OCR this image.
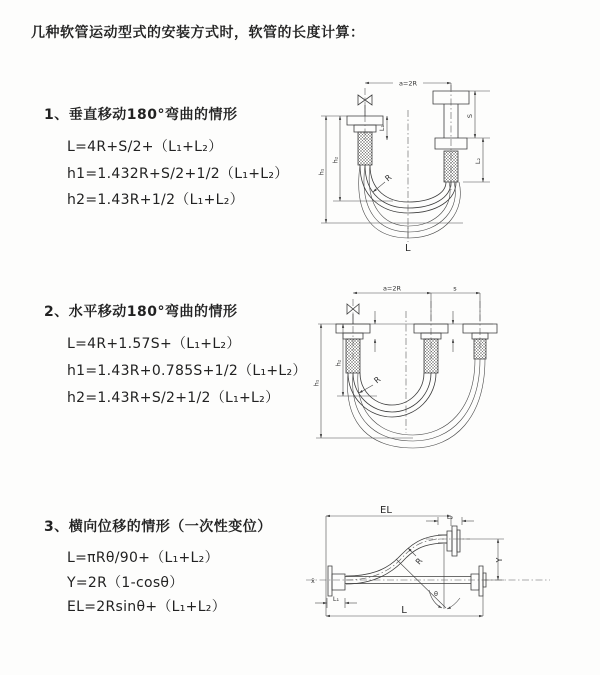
几种软管运动型式的安装方式时，软管的长度计算：

1、垂直移动180°弯曲的情形

L=4R+S/2+（L₁+L₂）

h1=1.432R+S/2+1/2（L₁+L₂）

h2=1.43R+1/2（L₁+L₂）

2、水平移动180°弯曲的情形

L=4R+1.57S+（L₁+L₂）

h1=1.43R+0.785S+1/2（L₁+L₂）

h2=1.43R+S/2+1/2（L₁+L₂）

3、横向位移的情形（一次性变位）

L=πRθ/90+（L₁+L₂）

Y=2R（1-cosθ）

EL=2Rsinθ+（L₁+L₂）

a=2R
S
L₂
L₁
h₂
h₁
R
L
a=2R	s
h₂
h₁	R
EL
L₂
θ
R
x̄
L₁
Y
L
